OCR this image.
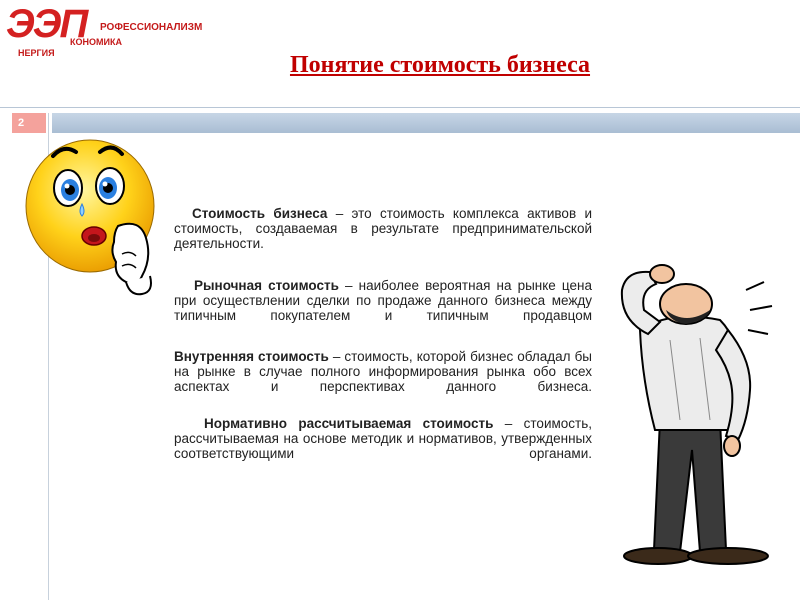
ЭЭП РОФЕССИОНАЛИЗМ
КОНОМИКА
НЕРГИЯ	Понятие стоимость бизнеса
2

Стоимость бизнеса – это стоимость комплекса активов и стоимость, создаваемая в результате предпринимательской деятельности.

Рыночная стоимость – наиболее вероятная на рынке цена при осуществлении сделки по продаже данного бизнеса между типичным покупателем и типичным продавцом

Внутренняя стоимость – стоимость, которой бизнес обладал бы на рынке в случае полного информирования рынка обо всех аспектах и перспективах данного бизнеса.

Нормативно рассчитываемая стоимость – стоимость, рассчитываемая на основе методик и нормативов, утвержденных соответствующими органами.
